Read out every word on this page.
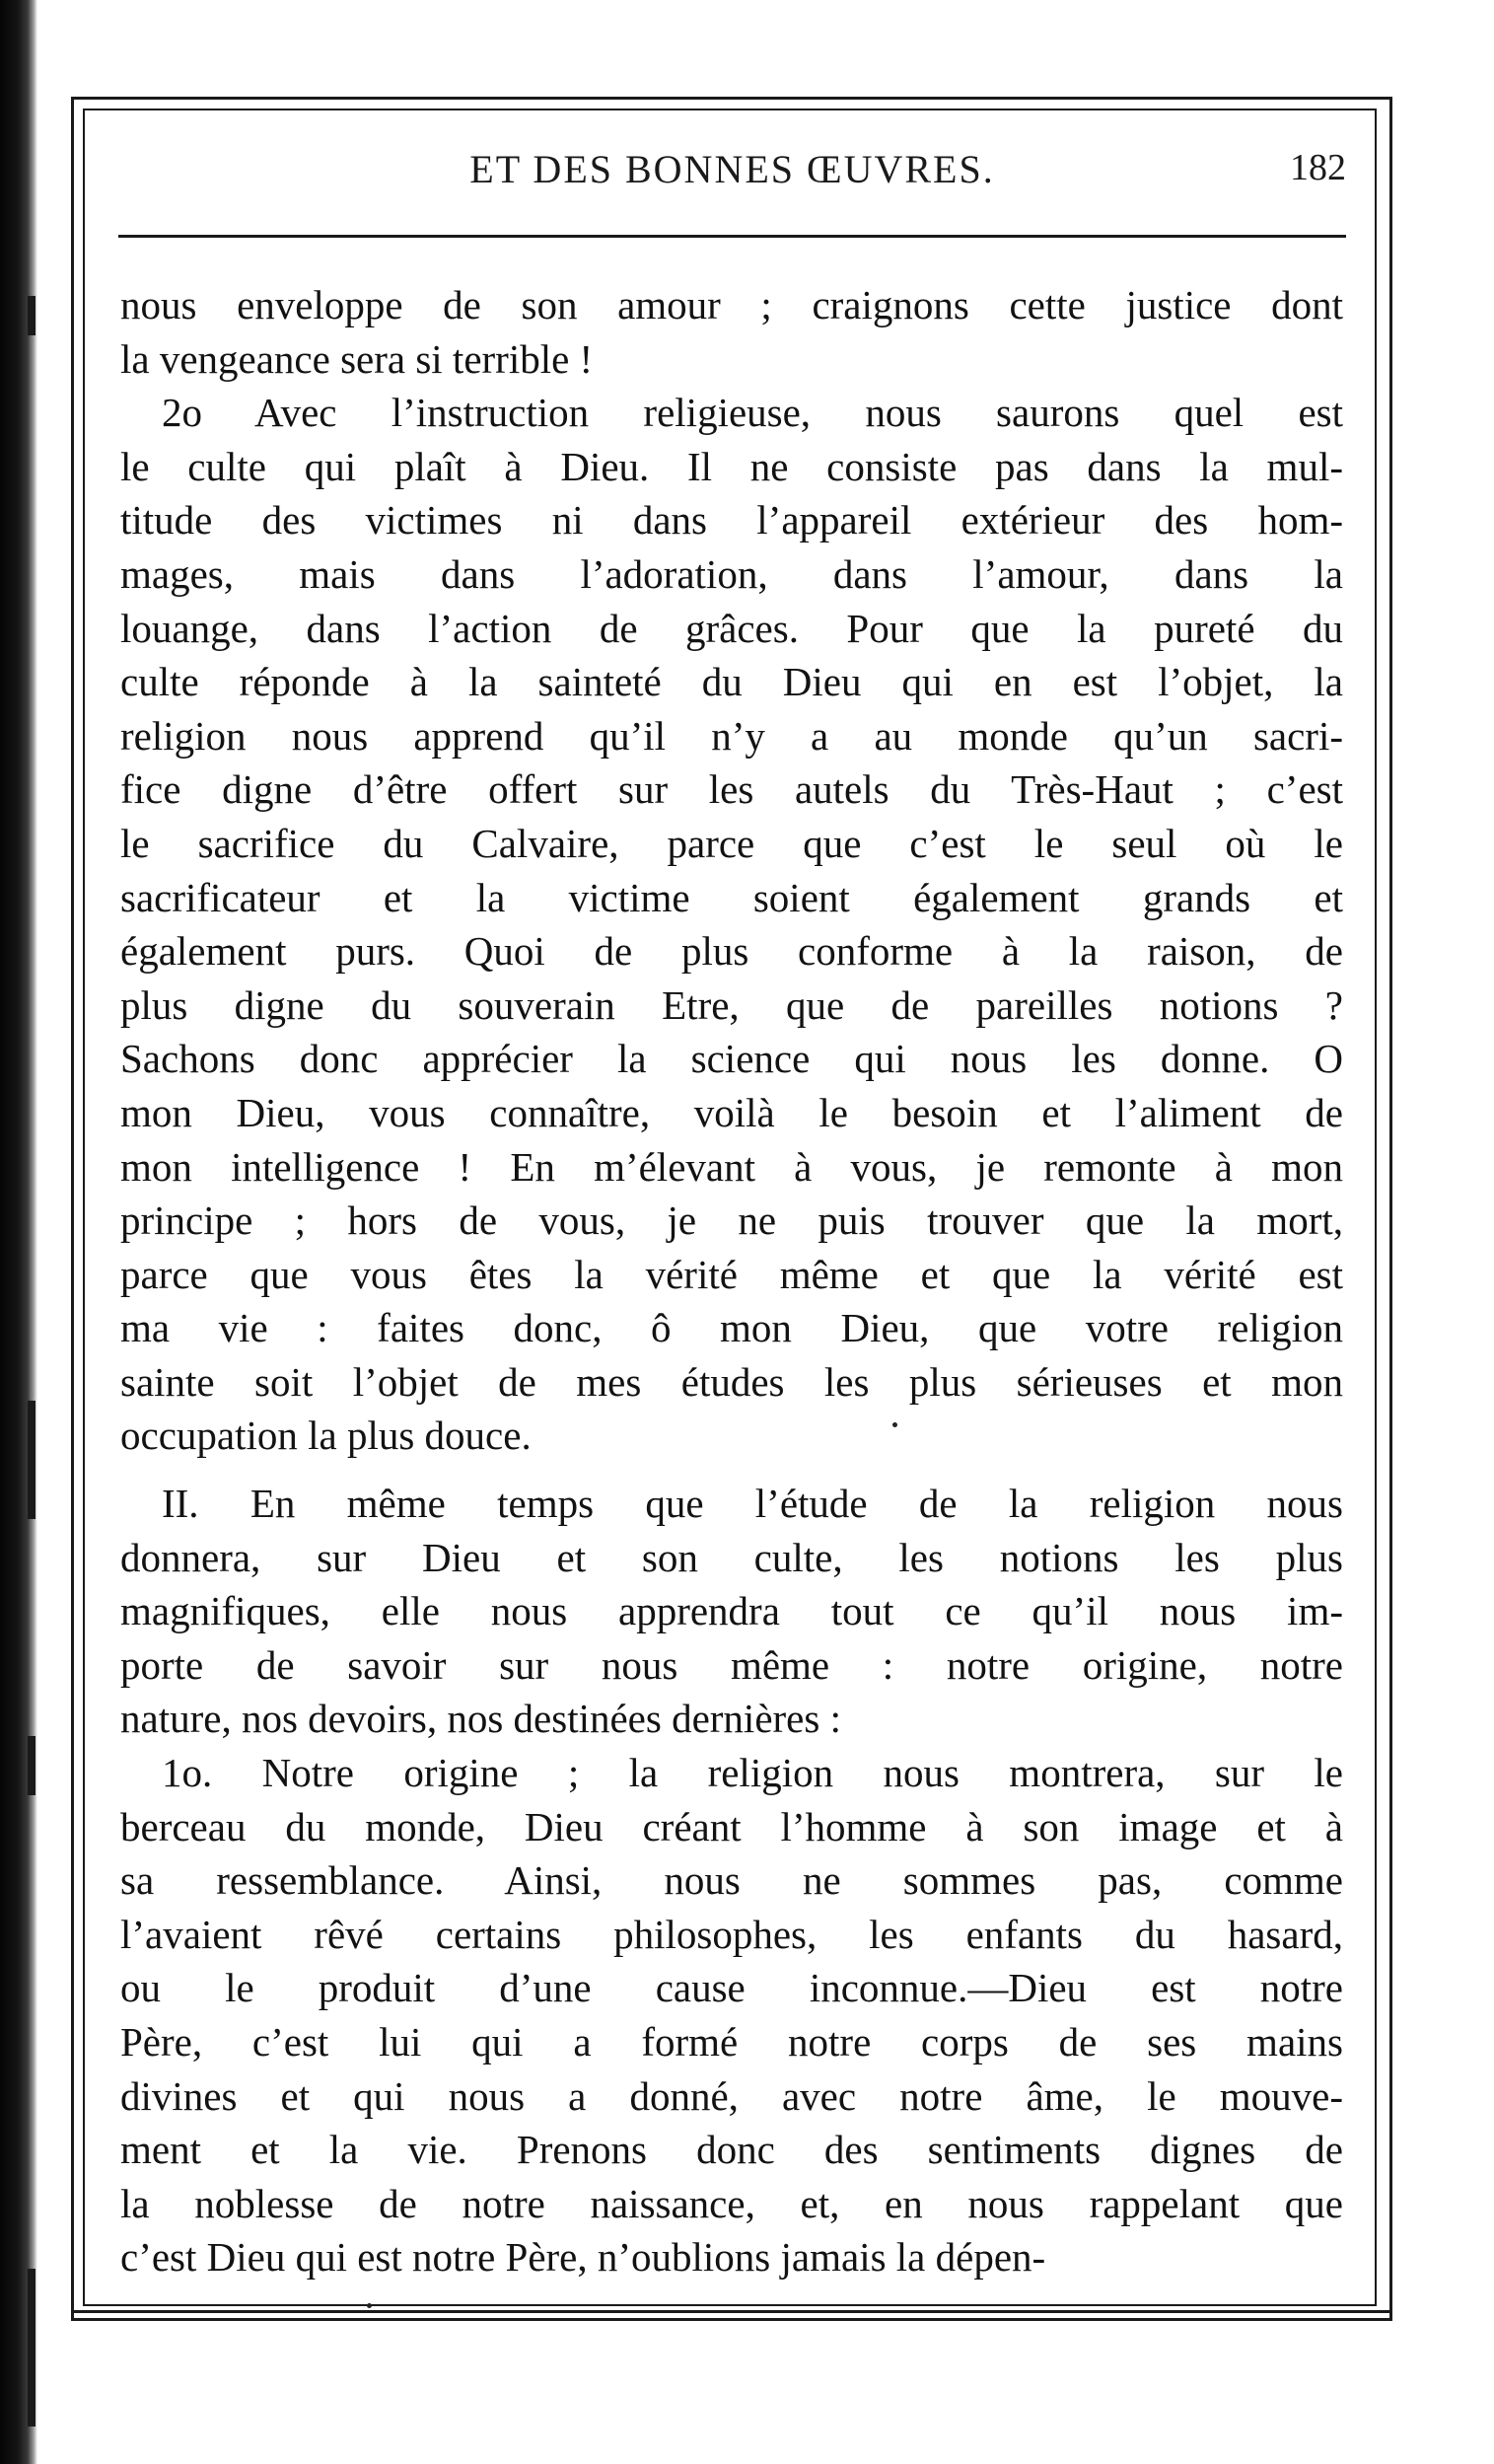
ET DES BONNES ŒUVRES.	182
nous enveloppe de son amour ; craignons cette justice dont
la vengeance sera si terrible !
2o Avec l’instruction religieuse, nous saurons quel est
le culte qui plaît à Dieu. Il ne consiste pas dans la mul-
titude des victimes ni dans l’appareil extérieur des hom-
mages, mais dans l’adoration, dans l’amour, dans la
louange, dans l’action de grâces. Pour que la pureté du
culte réponde à la sainteté du Dieu qui en est l’objet, la
religion nous apprend qu’il n’y a au monde qu’un sacri-
fice digne d’être offert sur les autels du Très-Haut ; c’est
le sacrifice du Calvaire, parce que c’est le seul où le
sacrificateur et la victime soient également grands et
également purs. Quoi de plus conforme à la raison, de
plus digne du souverain Etre, que de pareilles notions ?
Sachons donc apprécier la science qui nous les donne. O
mon Dieu, vous connaître, voilà le besoin et l’aliment de
mon intelligence ! En m’élevant à vous, je remonte à mon
principe ; hors de vous, je ne puis trouver que la mort,
parce que vous êtes la vérité même et que la vérité est
ma vie : faites donc, ô mon Dieu, que votre religion
sainte soit l’objet de mes études les plus sérieuses et mon
occupation la plus douce.
II. En même temps que l’étude de la religion nous
donnera, sur Dieu et son culte, les notions les plus
magnifiques, elle nous apprendra tout ce qu’il nous im-
porte de savoir sur nous même : notre origine, notre
nature, nos devoirs, nos destinées dernières :
1o. Notre origine ; la religion nous montrera, sur le
berceau du monde, Dieu créant l’homme à son image et à
sa ressemblance. Ainsi, nous ne sommes pas, comme
l’avaient rêvé certains philosophes, les enfants du hasard,
ou le produit d’une cause inconnue.—Dieu est notre
Père, c’est lui qui a formé notre corps de ses mains
divines et qui nous a donné, avec notre âme, le mouve-
ment et la vie. Prenons donc des sentiments dignes de
la noblesse de notre naissance, et, en nous rappelant que
c’est Dieu qui est notre Père, n’oublions jamais la dépen-
